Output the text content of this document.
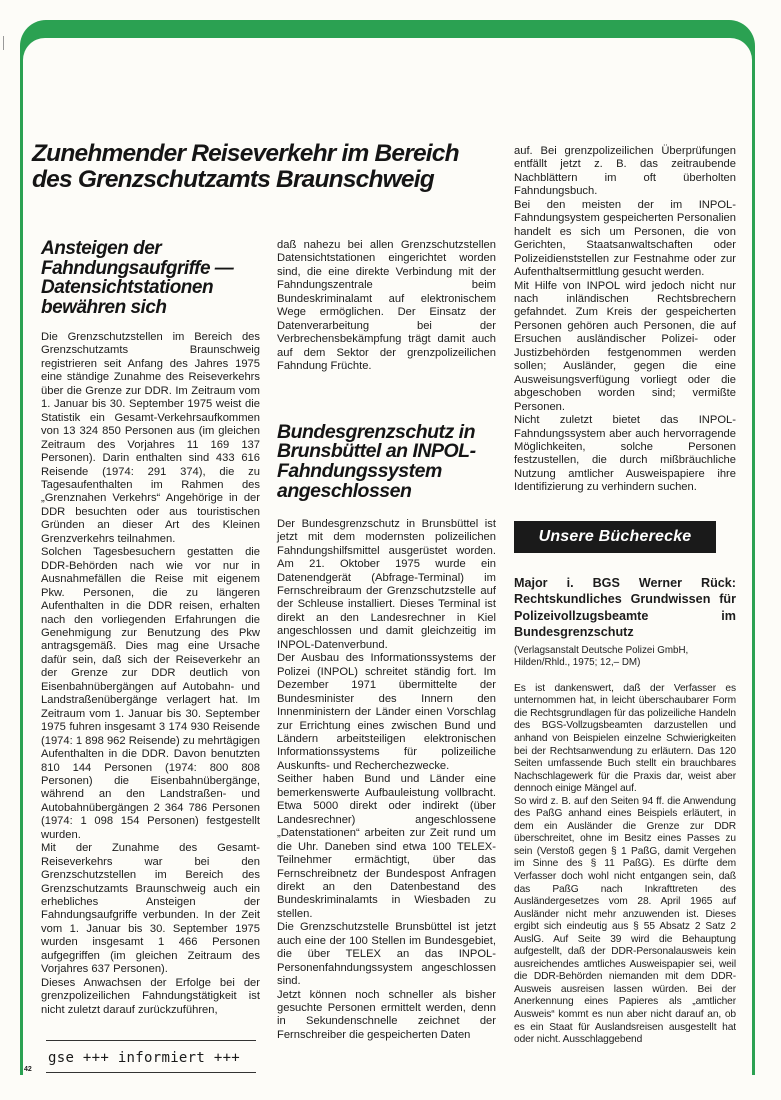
Zunehmender Reiseverkehr im Bereich des Grenzschutzamts Braunschweig
Ansteigen der Fahndungsaufgriffe — Datensichtstationen bewähren sich

Die Grenzschutzstellen im Bereich des Grenzschutzamts Braunschweig registrieren seit Anfang des Jahres 1975 eine ständige Zunahme des Reiseverkehrs über die Grenze zur DDR. Im Zeitraum vom 1. Januar bis 30. September 1975 weist die Statistik ein Gesamt-Verkehrsaufkommen von 13 324 850 Personen aus (im gleichen Zeitraum des Vorjahres 11 169 137 Personen). Darin enthalten sind 433 616 Reisende (1974: 291 374), die zu Tagesaufenthalten im Rahmen des „Grenznahen Verkehrs“ Angehörige in der DDR besuchten oder aus touristischen Gründen an dieser Art des Kleinen Grenzverkehrs teilnahmen.

Solchen Tagesbesuchern gestatten die DDR-Behörden nach wie vor nur in Ausnahmefällen die Reise mit eigenem Pkw. Personen, die zu längeren Aufenthalten in die DDR reisen, erhalten nach den vorliegenden Erfahrungen die Genehmigung zur Benutzung des Pkw antragsgemäß. Dies mag eine Ursache dafür sein, daß sich der Reiseverkehr an der Grenze zur DDR deutlich von Eisenbahnübergängen auf Autobahn- und Landstraßenübergänge verlagert hat. Im Zeitraum vom 1. Januar bis 30. September 1975 fuhren insgesamt 3 174 930 Reisende (1974: 1 898 962 Reisende) zu mehrtägigen Aufenthalten in die DDR. Davon benutzten 810 144 Personen (1974: 800 808 Personen) die Eisenbahnübergänge, während an den Landstraßen- und Autobahnübergängen 2 364 786 Personen (1974: 1 098 154 Personen) festgestellt wurden.

Mit der Zunahme des Gesamt-Reiseverkehrs war bei den Grenzschutzstellen im Bereich des Grenzschutzamts Braunschweig auch ein erhebliches Ansteigen der Fahndungsaufgriffe verbunden. In der Zeit vom 1. Januar bis 30. September 1975 wurden insgesamt 1 466 Personen aufgegriffen (im gleichen Zeitraum des Vorjahres 637 Personen).

Dieses Anwachsen der Erfolge bei der grenzpolizeilichen Fahndungstätigkeit ist nicht zuletzt darauf zurückzuführen,

daß nahezu bei allen Grenzschutzstellen Datensichtstationen eingerichtet worden sind, die eine direkte Verbindung mit der Fahndungszentrale beim Bundeskriminalamt auf elektronischem Wege ermöglichen. Der Einsatz der Datenverarbeitung bei der Verbrechensbekämpfung trägt damit auch auf dem Sektor der grenzpolizeilichen Fahndung Früchte.

Bundesgrenzschutz in Brunsbüttel an INPOL-Fahndungssystem angeschlossen

Der Bundesgrenzschutz in Brunsbüttel ist jetzt mit dem modernsten polizeilichen Fahndungshilfsmittel ausgerüstet worden. Am 21. Oktober 1975 wurde ein Datenendgerät (Abfrage-Terminal) im Fernschreibraum der Grenzschutzstelle auf der Schleuse installiert. Dieses Terminal ist direkt an den Landesrechner in Kiel angeschlossen und damit gleichzeitig im INPOL-Datenverbund.

Der Ausbau des Informationssystems der Polizei (INPOL) schreitet ständig fort. Im Dezember 1971 übermittelte der Bundesminister des Innern den Innenministern der Länder einen Vorschlag zur Errichtung eines zwischen Bund und Ländern arbeitsteiligen elektronischen Informationssystems für polizeiliche Auskunfts- und Recherchezwecke.

Seither haben Bund und Länder eine bemerkenswerte Aufbauleistung vollbracht. Etwa 5000 direkt oder indirekt (über Landesrechner) angeschlossene „Datenstationen“ arbeiten zur Zeit rund um die Uhr. Daneben sind etwa 100 TELEX-Teilnehmer ermächtigt, über das Fernschreibnetz der Bundespost Anfragen direkt an den Datenbestand des Bundeskriminalamts in Wiesbaden zu stellen.

Die Grenzschutzstelle Brunsbüttel ist jetzt auch eine der 100 Stellen im Bundesgebiet, die über TELEX an das INPOL-Personenfahndungssystem angeschlossen sind.

Jetzt können noch schneller als bisher gesuchte Personen ermittelt werden, denn in Sekundenschnelle zeichnet der Fernschreiber die gespeicherten Daten

auf. Bei grenzpolizeilichen Überprüfungen entfällt jetzt z. B. das zeitraubende Nachblättern im oft überholten Fahndungsbuch.

Bei den meisten der im INPOL-Fahndungsystem gespeicherten Personalien handelt es sich um Personen, die von Gerichten, Staatsanwaltschaften oder Polizeidienststellen zur Festnahme oder zur Aufenthaltsermittlung gesucht werden.

Mit Hilfe von INPOL wird jedoch nicht nur nach inländischen Rechtsbrechern gefahndet. Zum Kreis der gespeicherten Personen gehören auch Personen, die auf Ersuchen ausländischer Polizei- oder Justizbehörden festgenommen werden sollen; Ausländer, gegen die eine Ausweisungsverfügung vorliegt oder die abgeschoben worden sind; vermißte Personen.

Nicht zuletzt bietet das INPOL-Fahndungssystem aber auch hervorragende Möglichkeiten, solche Personen festzustellen, die durch mißbräuchliche Nutzung amtlicher Ausweispapiere ihre Identifizierung zu verhindern suchen.

Unsere Bücherecke
Major i. BGS Werner Rück: Rechtskundliches Grundwissen für Polizeivollzugsbeamte im Bundesgrenzschutz
(Verlagsanstalt Deutsche Polizei GmbH, Hilden/Rhld., 1975; 12,– DM)

Es ist dankenswert, daß der Verfasser es unternommen hat, in leicht überschaubarer Form die Rechtsgrundlagen für das polizeiliche Handeln des BGS-Vollzugsbeamten darzustellen und anhand von Beispielen einzelne Schwierigkeiten bei der Rechtsanwendung zu erläutern. Das 120 Seiten umfassende Buch stellt ein brauchbares Nachschlagewerk für die Praxis dar, weist aber dennoch einige Mängel auf.

So wird z. B. auf den Seiten 94 ff. die Anwendung des PaßG anhand eines Beispiels erläutert, in dem ein Ausländer die Grenze zur DDR überschreitet, ohne im Besitz eines Passes zu sein (Verstoß gegen § 1 PaßG, damit Vergehen im Sinne des § 11 PaßG). Es dürfte dem Verfasser doch wohl nicht entgangen sein, daß das PaßG nach Inkrafttreten des Ausländergesetzes vom 28. April 1965 auf Ausländer nicht mehr anzuwenden ist. Dieses ergibt sich eindeutig aus § 55 Absatz 2 Satz 2 AuslG. Auf Seite 39 wird die Behauptung aufgestellt, daß der DDR-Personalausweis kein ausreichendes amtliches Ausweispapier sei, weil die DDR-Behörden niemanden mit dem DDR-Ausweis ausreisen lassen würden. Bei der Anerkennung eines Papieres als „amtlicher Ausweis“ kommt es nun aber nicht darauf an, ob es ein Staat für Auslandsreisen ausgestellt hat oder nicht. Ausschlaggebend

gse +++ informiert +++
42
